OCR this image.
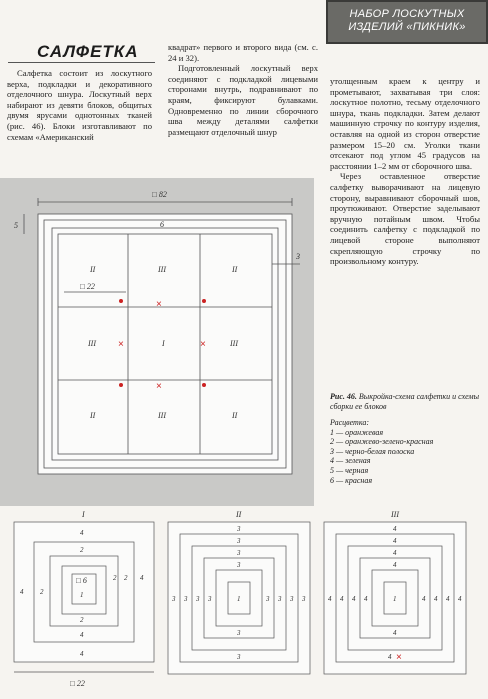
НАБОР ЛОСКУТНЫХ
ИЗДЕЛИЙ «ПИКНИК»
САЛФЕТКА

Салфетка состоит из лоскутного верха, подкладки и декоративного отделочного шнура. Лоскутный верх набирают из девяти блоков, общитых двумя ярусами однотонных тканей (рис. 46). Блоки изготавливают по схемам «Американский

квадрат» первого и второго вида (см. с. 24 и 32).

Подготовленный лоскутный верх соединяют с подкладкой лицевыми сторонами внутрь, подравнивают по краям, фиксируют булавками. Одновременно по линии сборочного шва между деталями салфетки размещают отделочный шнур

утолщенным краем к центру и прометывают, захватывая три слоя: лоскутное полотно, тесьму отделочного шнура, ткань подкладки. Затем делают машинную строчку по контуру изделия, оставляя на одной из сторон отверстие размером 15–20 см. Уголки ткани отсекают под углом 45 градусов на расстоянии 1–2 мм от сборочного шва.

Через оставленное отверстие салфетку выворачивают на лицевую сторону, выравнивают сборочный шов, проутюживают. Отверстие заделывают вручную потайным швом. Чтобы соединить салфетку с подкладкой по лицевой стороне выполняют скрепляющую строчку по произвольному контуру.

Рис. 46. Выкройка-схема салфетки и схемы сборки ее блоков
Расцветка:
1 — оранжевая
2 — оранжево-зелено-красная
3 — черно-белая полоска
4 — зеленая
5 — черная
6 — красная
□ 82
□ 22
6
3
5
II	III	II
III	I	III
II	III	II
×
×
×	×
I
□ 6
□ 22
4
2
1
2
4
4
4 2
2 2 4
II
3
3
3
3
1
3
3
3 3 3 3	3 3 3 3
III
4
4
4
4
1
4
4 ×
4 4 4 4	4 4 4 4
